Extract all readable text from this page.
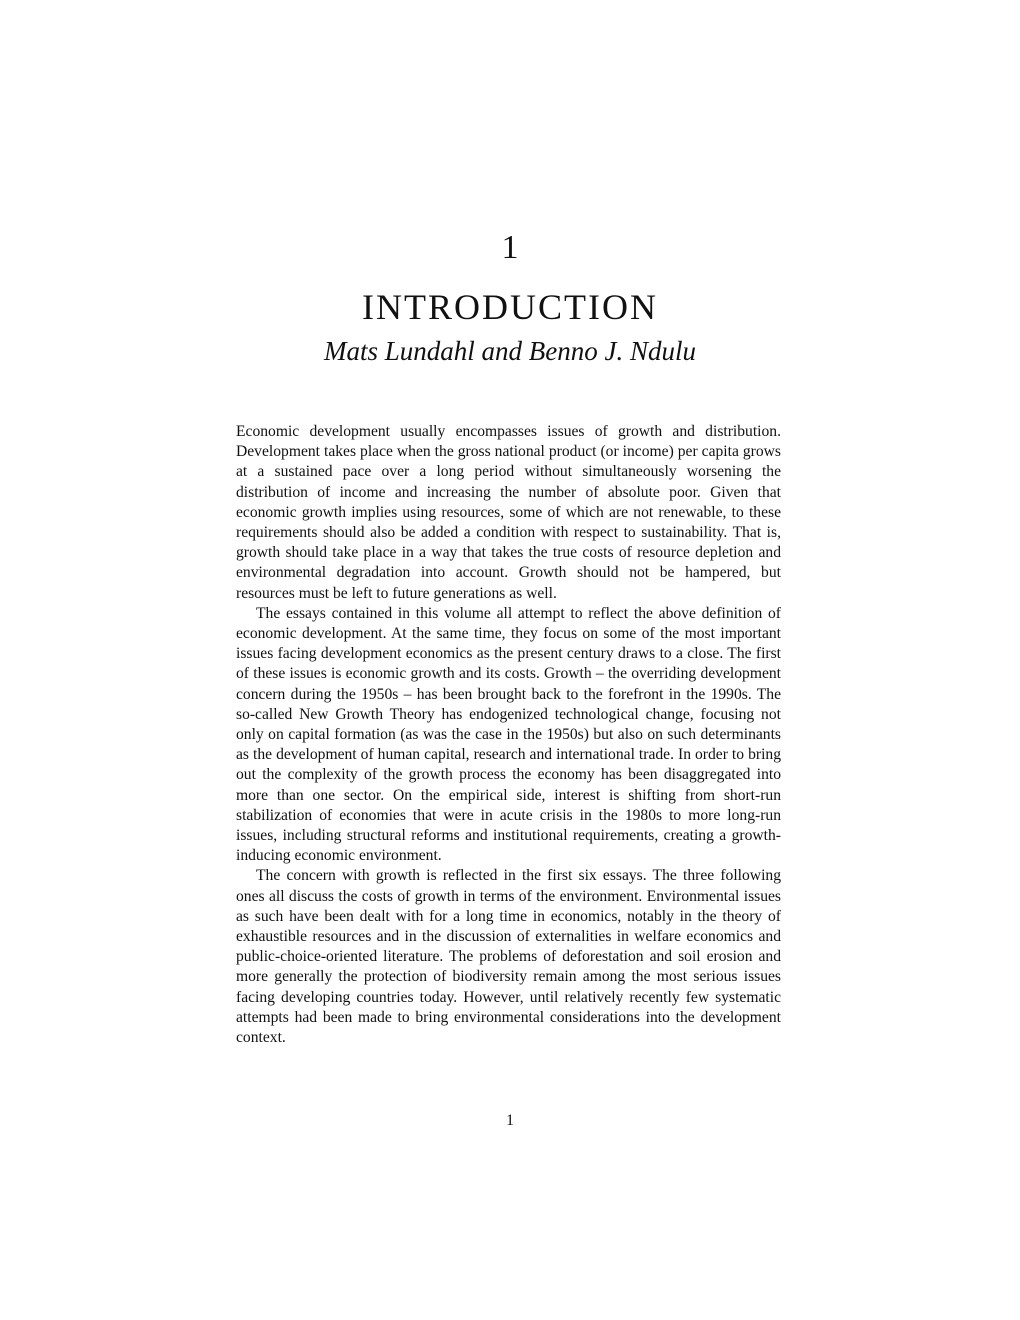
1
INTRODUCTION
Mats Lundahl and Benno J. Ndulu

Economic development usually encompasses issues of growth and distribution. Development takes place when the gross national product (or income) per capita grows at a sustained pace over a long period without simultaneously worsening the distribution of income and increasing the number of absolute poor. Given that economic growth implies using resources, some of which are not renewable, to these requirements should also be added a condition with respect to sustainability. That is, growth should take place in a way that takes the true costs of resource depletion and environmental degradation into account. Growth should not be hampered, but resources must be left to future generations as well.

The essays contained in this volume all attempt to reflect the above definition of economic development. At the same time, they focus on some of the most important issues facing development economics as the present century draws to a close. The first of these issues is economic growth and its costs. Growth – the overriding development concern during the 1950s – has been brought back to the forefront in the 1990s. The so-called New Growth Theory has endogenized technological change, focusing not only on capital formation (as was the case in the 1950s) but also on such determinants as the development of human capital, research and international trade. In order to bring out the complexity of the growth process the economy has been disaggregated into more than one sector. On the empirical side, interest is shifting from short-run stabilization of economies that were in acute crisis in the 1980s to more long-run issues, including structural reforms and institutional requirements, creating a growth-inducing economic environment.

The concern with growth is reflected in the first six essays. The three following ones all discuss the costs of growth in terms of the environment. Environmental issues as such have been dealt with for a long time in economics, notably in the theory of exhaustible resources and in the discussion of externalities in welfare economics and public-choice-oriented literature. The problems of deforestation and soil erosion and more generally the protection of biodiversity remain among the most serious issues facing developing countries today. However, until relatively recently few systematic attempts had been made to bring environmental considerations into the development context.

1
